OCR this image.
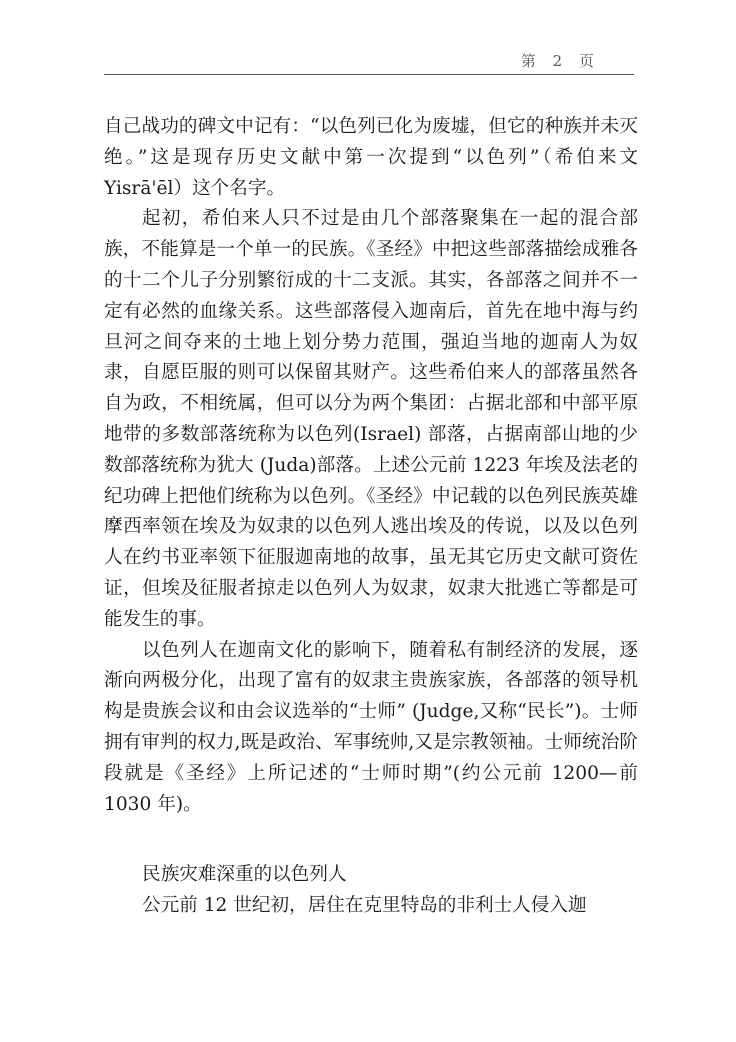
第 2 页

自己战功的碑文中记有：“以色列已化为废墟，但它的种族并未灭绝。”这是现存历史文献中第一次提到“以色列”（希伯来文 Yisrā'ēl）这个名字。

起初，希伯来人只不过是由几个部落聚集在一起的混合部族，不能算是一个单一的民族。《圣经》中把这些部落描绘成雅各的十二个儿子分别繁衍成的十二支派。其实，各部落之间并不一定有必然的血缘关系。这些部落侵入迦南后，首先在地中海与约旦河之间夺来的土地上划分势力范围，强迫当地的迦南人为奴隶，自愿臣服的则可以保留其财产。这些希伯来人的部落虽然各自为政，不相统属，但可以分为两个集团：占据北部和中部平原地带的多数部落统称为以色列(Israel) 部落，占据南部山地的少数部落统称为犹大 (Juda)部落。上述公元前 1223 年埃及法老的纪功碑上把他们统称为以色列。《圣经》中记载的以色列民族英雄摩西率领在埃及为奴隶的以色列人逃出埃及的传说，以及以色列人在约书亚率领下征服迦南地的故事，虽无其它历史文献可资佐证，但埃及征服者掠走以色列人为奴隶，奴隶大批逃亡等都是可能发生的事。

以色列人在迦南文化的影响下，随着私有制经济的发展，逐渐向两极分化，出现了富有的奴隶主贵族家族，各部落的领导机构是贵族会议和由会议选举的“士师” (Judge,又称“民长”)。士师拥有审判的权力,既是政治、军事统帅,又是宗教领袖。士师统治阶段就是《圣经》上所记述的“士师时期”(约公元前 1200—前 1030 年)。

民族灾难深重的以色列人

公元前 12 世纪初，居住在克里特岛的非利士人侵入迦
